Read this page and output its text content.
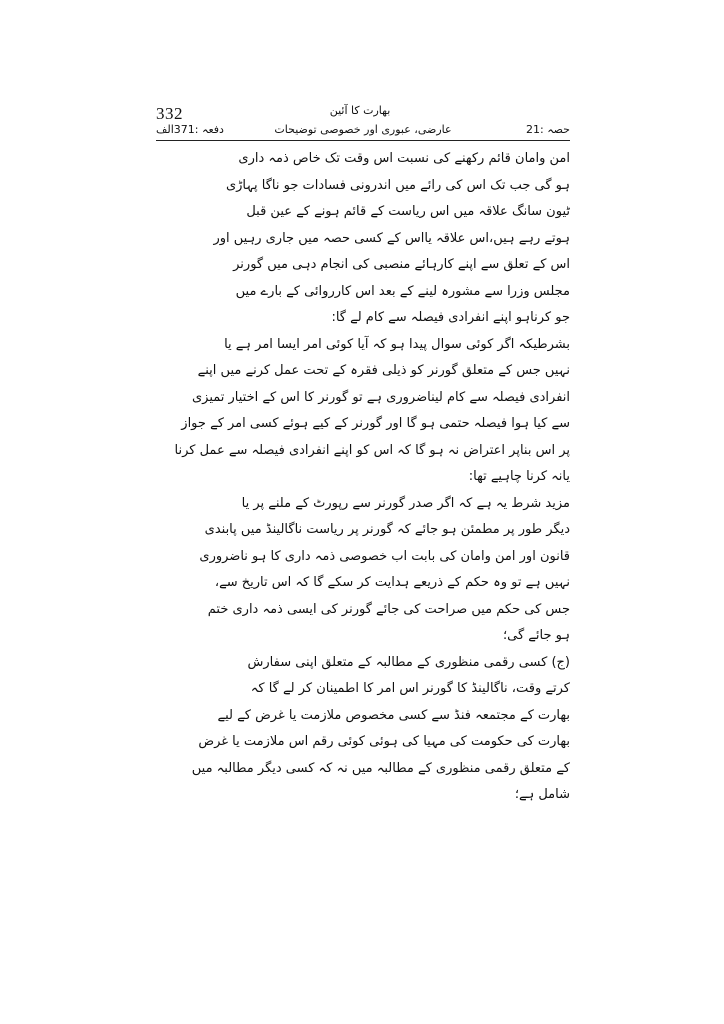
332	بھارت کا آئین
حصہ :21
عارضی، عبوری اور خصوصی توضیحات
دفعہ :371الف
امن وامان قائم رکھنے کی نسبت اس وقت تک خاص ذمہ داری
ہو گی جب تک اس کی رائے میں اندرونی فسادات جو ناگا پہاڑی
ٹیون سانگ علاقہ میں اس ریاست کے قائم ہونے کے عین قبل
ہوتے رہے ہیں،اس علاقہ یااس کے کسی حصہ میں جاری رہیں اور
اس کے تعلق سے اپنے کارہائے منصبی کی انجام دہی میں گورنر
مجلس وزرا سے مشورہ لینے کے بعد اس کارروائی کے بارے میں
جو کرناہو اپنے انفرادی فیصلہ سے کام لے گا:
بشرطیکہ اگر کوئی سوال پیدا ہو کہ آیا کوئی امر ایسا امر ہے یا
نہیں جس کے متعلق گورنر کو ذیلی فقرہ کے تحت عمل کرنے میں اپنے
انفرادی فیصلہ سے کام لیناضروری ہے تو گورنر کا اس کے اختیار تمیزی
سے کیا ہوا فیصلہ حتمی ہو گا اور گورنر کے کیے ہوئے کسی امر کے جواز
پر اس بناپر اعتراض نہ ہو گا کہ اس کو اپنے انفرادی فیصلہ سے عمل کرنا
یانہ کرنا چاہیے تھا:
مزید شرط یہ ہے کہ اگر صدر گورنر سے رپورٹ کے ملنے پر یا
دیگر طور پر مطمئن ہو جائے کہ گورنر پر ریاست ناگالینڈ میں پابندی
قانون اور امن وامان کی بابت اب خصوصی ذمہ داری کا ہو ناضروری
نہیں ہے تو وہ حکم کے ذریعے ہدایت کر سکے گا کہ اس تاریخ سے،
جس کی حکم میں صراحت کی جائے گورنر کی ایسی ذمہ داری ختم
ہو جائے گی؛
(ج) کسی رقمی منظوری کے مطالبہ کے متعلق اپنی سفارش
کرتے وقت، ناگالینڈ کا گورنر اس امر کا اطمینان کر لے گا کہ
بھارت کے مجتمعہ فنڈ سے کسی مخصوص ملازمت یا غرض کے لیے
بھارت کی حکومت کی مہیا کی ہوئی کوئی رقم اس ملازمت یا غرض
کے متعلق رقمی منظوری کے مطالبہ میں نہ کہ کسی دیگر مطالبہ میں
شامل ہے؛
